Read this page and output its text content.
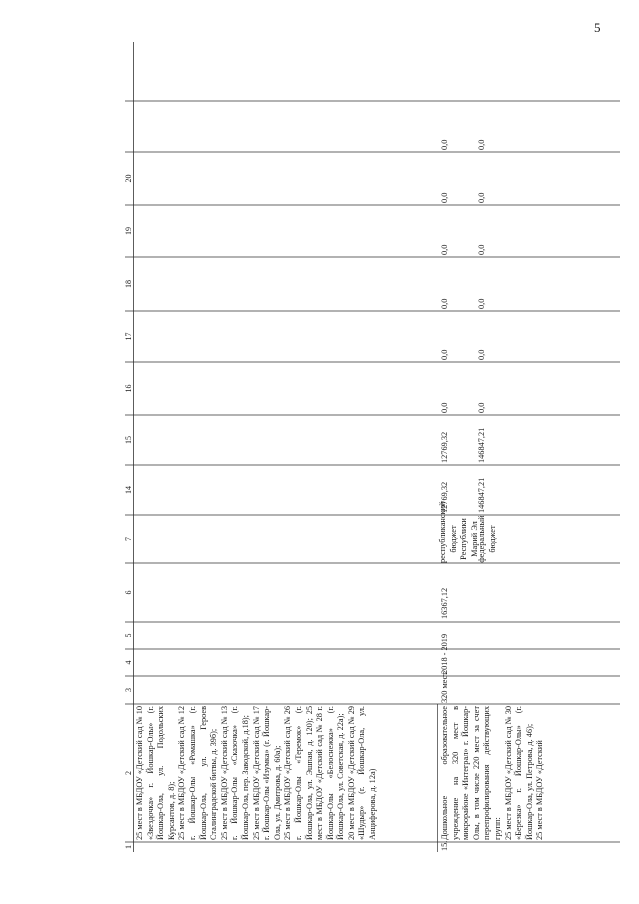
5
1
2
3
4
5
6
7
14
15
16
17
18
19
20
25 мест в МБДОУ «Детский сад № 10 «Звездочка» г. Йошкар-Олы» (г. Йошкар-Ола, ул. Подольских Курсантов, д. 8);
25 мест в МБДОУ «Детский сад № 12 г. Йошкар-Олы «Ромашка» (г. Йошкар-Ола, ул. Героев Сталинградской битвы, д. 39б);
25 мест в МБДОУ «Детский сад № 13 г. Йошкар-Олы «Сказочка» (г. Йошкар-Ола, пер. Заводской, д.18);
25 мест в МБДОУ «Детский сад № 17 г. Йошкар-Олы «Изумка» (г. Йошкар-Ола, ул. Дмитрова, д. 60а);
25 мест в МБДОУ «Детский сад № 26 г. Йошкар-Олы «Теремок» (г. Йошкар-Ола, ул. Эшпая, д. 120); 25 мест в МБДОУ «Детский сад № 28 г. Йошкар-Олы «Белоснежка» (г. Йошкар-Ола, ул. Советская, д. 22а);
20 мест в МБДОУ «Детский сад № 29 «Шудыр» (г. Йошкар-Ола, ул. Анциферова, д. 12а)
15.
Дошкольное образовательное учреждение на 320 мест в микрорайоне «Интеграл» г. Йошкар-Олы, в том числе 220 мест за счет перепрофилирования действующих групп:
25 мест в МБДОУ «Детский сад № 30 «Березка» г. Йошкар-Олы» (г. Йошкар-Ола, ул. Петрова, д. 46);
25 мест в МБДОУ «Детский
320 мест
2018 - 2019
16367,12
республиканский бюджет Республики Марий Эл
12769,32
12769,32
0,0
0,0
0,0
0,0
0,0
0,0
федеральный бюджет
146847,21
146847,21
0,0
0,0
0,0
0,0
0,0
0,0
